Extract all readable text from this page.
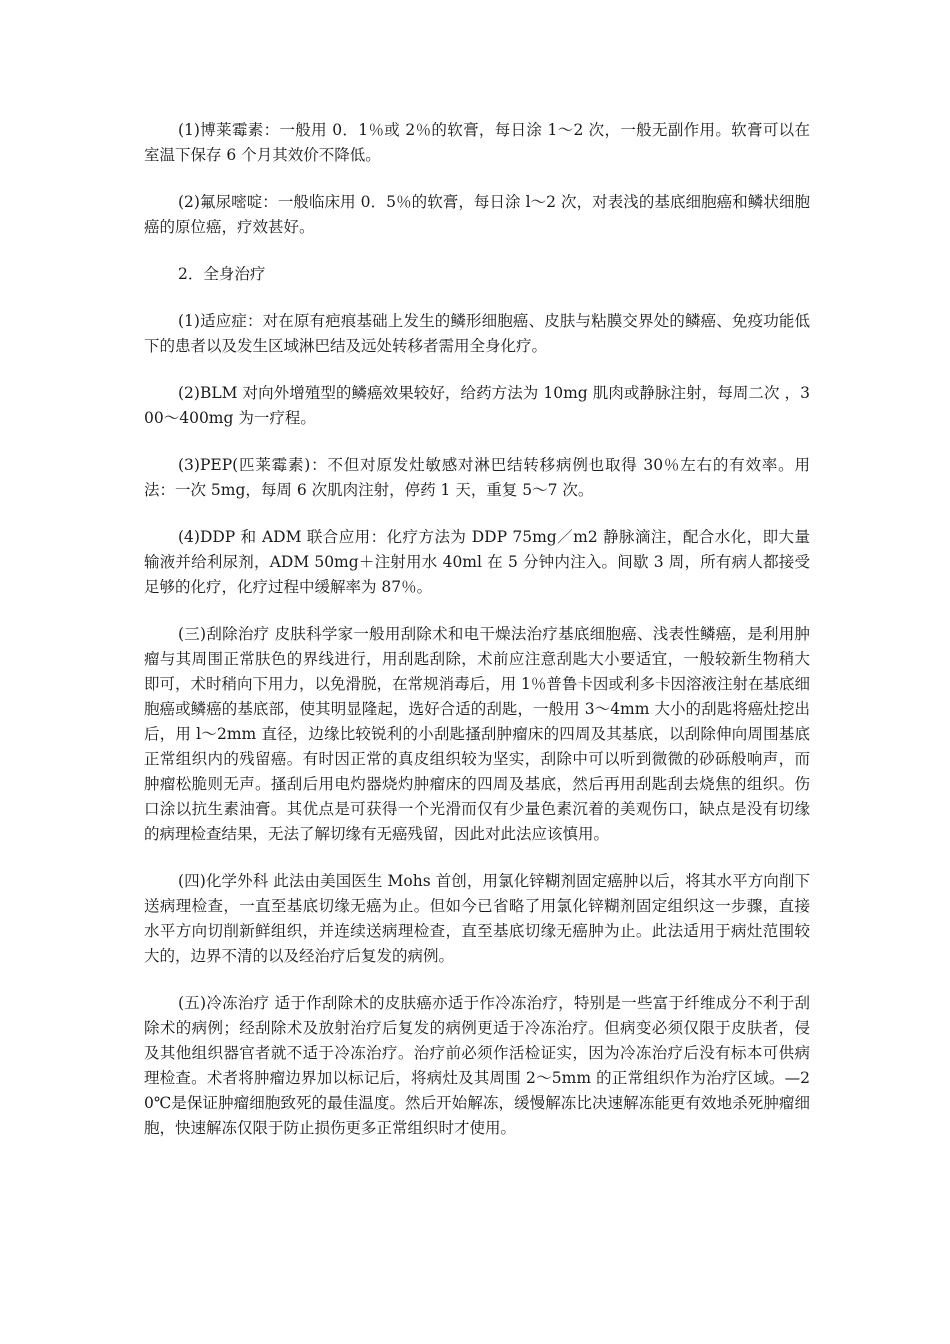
(1)博莱霉素：一般用 0．1％或 2％的软膏，每日涂 1～2 次，一般无副作用。软膏可以在室温下保存 6 个月其效价不降低。

(2)氟尿嘧啶：一般临床用 0．5％的软膏，每日涂 l～2 次，对表浅的基底细胞癌和鳞状细胞癌的原位癌，疗效甚好。

2．全身治疗

(1)适应症：对在原有疤痕基础上发生的鳞形细胞癌、皮肤与粘膜交界处的鳞癌、免疫功能低下的患者以及发生区域淋巴结及远处转移者需用全身化疗。

(2)BLM 对向外增殖型的鳞癌效果较好，给药方法为 10mg 肌肉或静脉注射，每周二次 ，300～400mg 为一疗程。

(3)PEP(匹莱霉素)：不但对原发灶敏感对淋巴结转移病例也取得 30％左右的有效率。用法：一次 5mg，每周 6 次肌肉注射，停药 1 天，重复 5～7 次。

(4)DDP 和 ADM 联合应用：化疗方法为 DDP 75mg／m2 静脉滴注，配合水化，即大量输液并给利尿剂，ADM 50mg＋注射用水 40ml 在 5 分钟内注入。间歇 3 周，所有病人都接受足够的化疗，化疗过程中缓解率为 87％。

(三)刮除治疗 皮肤科学家一般用刮除术和电干燥法治疗基底细胞癌、浅表性鳞癌，是利用肿瘤与其周围正常肤色的界线进行，用刮匙刮除，术前应注意刮匙大小要适宜，一般较新生物稍大即可，术时稍向下用力，以免滑脱，在常规消毒后，用 1％普鲁卡因或利多卡因溶液注射在基底细胞癌或鳞癌的基底部，使其明显隆起，选好合适的刮匙，一般用 3～4mm 大小的刮匙将癌灶挖出后，用 l～2mm 直径，边缘比较锐利的小刮匙搔刮肿瘤床的四周及其基底，以刮除伸向周围基底正常组织内的残留癌。有时因正常的真皮组织较为坚实，刮除中可以听到微微的砂砾般响声，而肿瘤松脆则无声。搔刮后用电灼器烧灼肿瘤床的四周及基底，然后再用刮匙刮去烧焦的组织。伤口涂以抗生素油膏。其优点是可获得一个光滑而仅有少量色素沉着的美观伤口，缺点是没有切缘的病理检查结果，无法了解切缘有无癌残留，因此对此法应该慎用。

(四)化学外科 此法由美国医生 Mohs 首创，用氯化锌糊剂固定癌肿以后，将其水平方向削下送病理检查，一直至基底切缘无癌为止。但如今已省略了用氯化锌糊剂固定组织这一步骤，直接水平方向切削新鲜组织，并连续送病理检查，直至基底切缘无癌肿为止。此法适用于病灶范围较大的，边界不清的以及经治疗后复发的病例。

(五)冷冻治疗 适于作刮除术的皮肤癌亦适于作冷冻治疗，特别是一些富于纤维成分不利于刮除术的病例；经刮除术及放射治疗后复发的病例更适于冷冻治疗。但病变必须仅限于皮肤者，侵及其他组织器官者就不适于冷冻治疗。治疗前必须作活检证实，因为冷冻治疗后没有标本可供病理检查。术者将肿瘤边界加以标记后，将病灶及其周围 2～5mm 的正常组织作为治疗区域。—20℃是保证肿瘤细胞致死的最佳温度。然后开始解冻，缓慢解冻比决速解冻能更有效地杀死肿瘤细胞，快速解冻仅限于防止损伤更多正常组织时才使用。
